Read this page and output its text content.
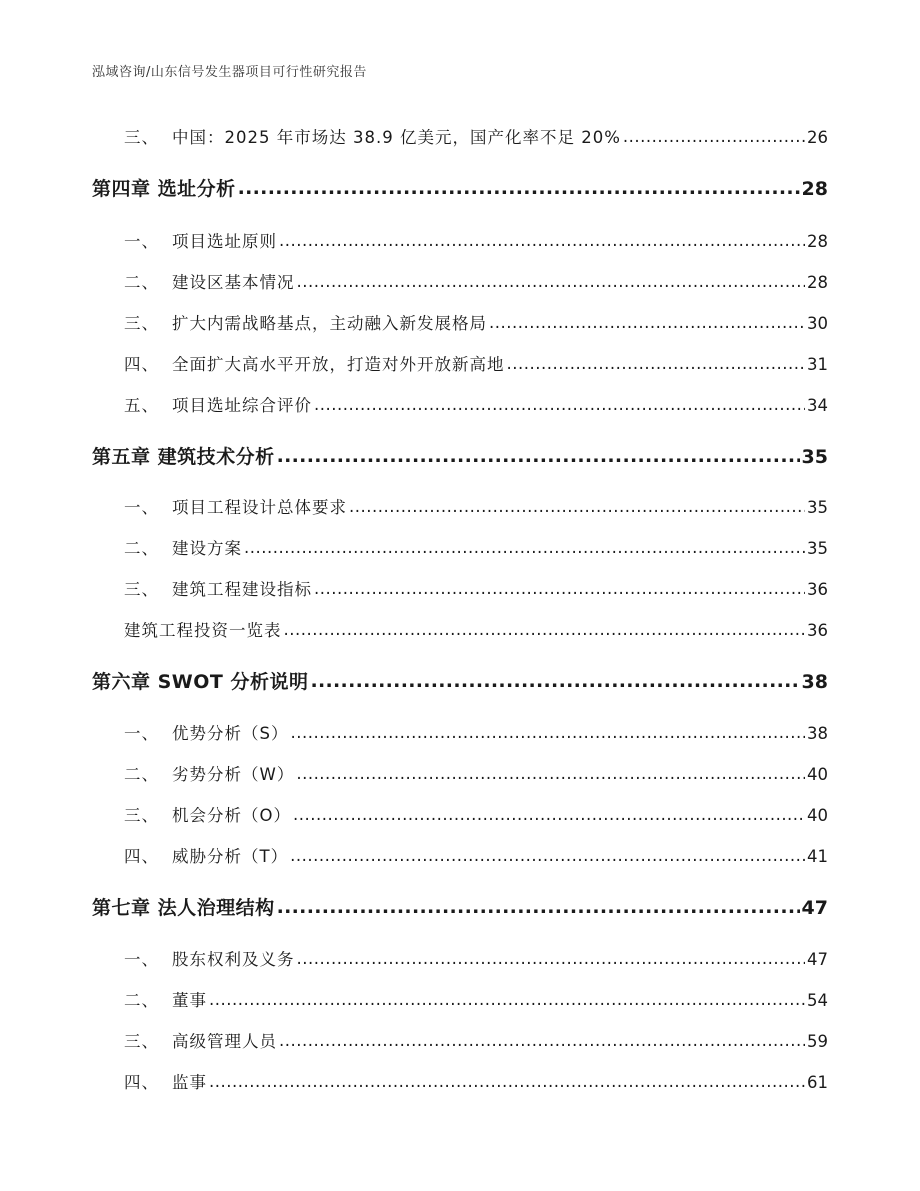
泓域咨询/山东信号发生器项目可行性研究报告
三、 中国：2025 年市场达 38.9 亿美元，国产化率不足 20% .....	26
第四章 选址分析 .....	28
一、 项目选址原则 .....	28
二、 建设区基本情况 .....	28
三、 扩大内需战略基点，主动融入新发展格局 .....	30
四、 全面扩大高水平开放，打造对外开放新高地 .....	31
五、 项目选址综合评价 .....	34
第五章 建筑技术分析 .....	35
一、 项目工程设计总体要求 .....	35
二、 建设方案 .....	35
三、 建筑工程建设指标 .....	36
建筑工程投资一览表 .....	36
第六章 SWOT 分析说明 .....	38
一、 优势分析（S） .....	38
二、 劣势分析（W） .....	40
三、 机会分析（O） .....	40
四、 威胁分析（T） .....	41
第七章 法人治理结构 .....	47
一、 股东权利及义务 .....	47
二、 董事 .....	54
三、 高级管理人员 .....	59
四、 监事 .....	61
